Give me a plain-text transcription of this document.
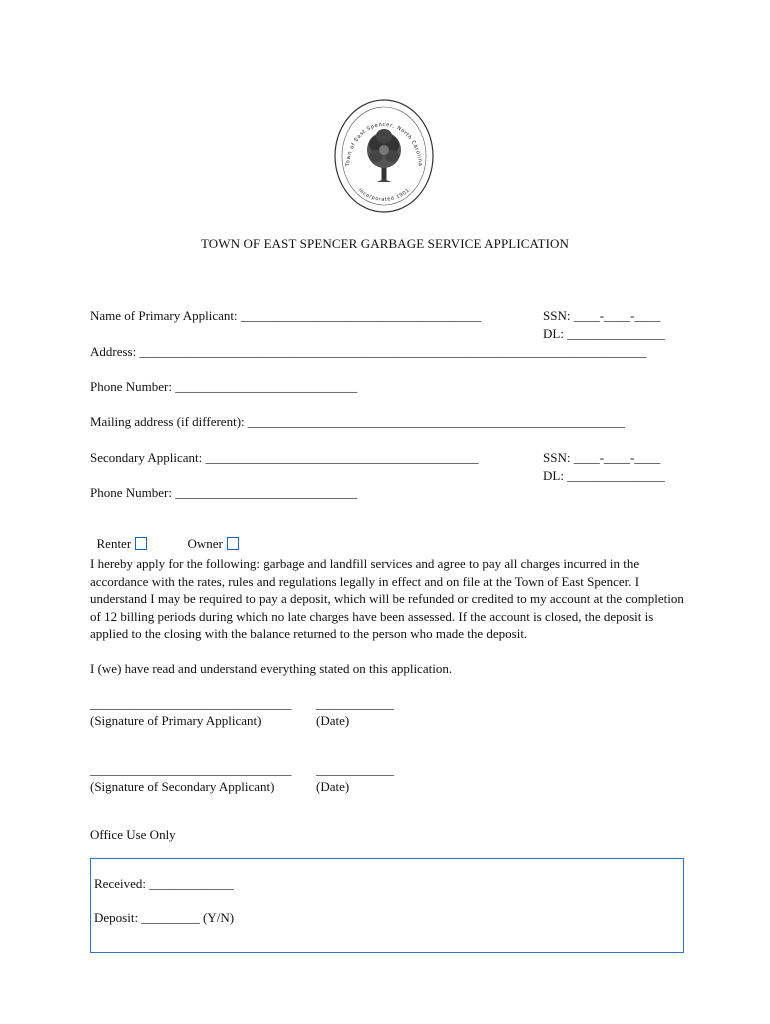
Town of East Spencer, North Carolina
Incorporated 1901
TOWN OF EAST SPENCER GARBAGE SERVICE APPLICATION
Name of Primary Applicant: _____________________________________	SSN: ____-____-____
DL: _______________
Address: ______________________________________________________________________________
Phone Number: ____________________________
Mailing address (if different): __________________________________________________________
Secondary Applicant: __________________________________________	SSN: ____-____-____
DL: _______________
Phone Number: ____________________________

Renter	Owner

I hereby apply for the following: garbage and landfill services and agree to pay all charges incurred in the accordance with the rates, rules and regulations legally in effect and on file at the Town of East Spencer. I understand I may be required to pay a deposit, which will be refunded or credited to my account at the completion of 12 billing periods during which no late charges have been assessed. If the account is closed, the deposit is applied to the closing with the balance returned to the person who made the deposit.
I (we) have read and understand everything stated on this application.
_______________________________ ____________
(Signature of Primary Applicant)	(Date)
_______________________________ ____________
(Signature of Secondary Applicant)	(Date)
Office Use Only
Received: _____________
Deposit: _________ (Y/N)
